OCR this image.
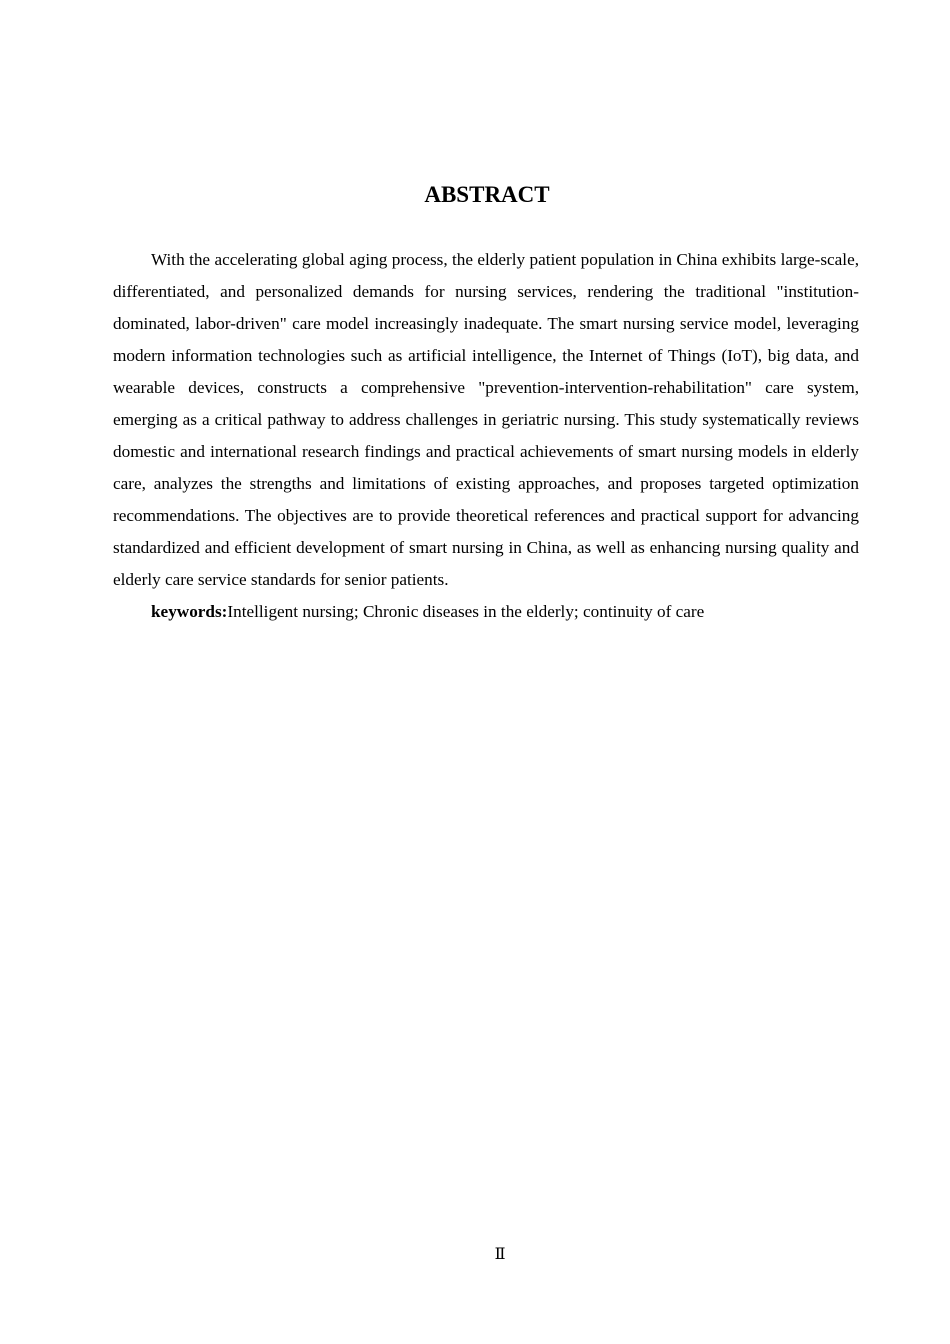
ABSTRACT

With the accelerating global aging process, the elderly patient population in China exhibits large-scale, differentiated, and personalized demands for nursing services, rendering the traditional "institution-dominated, labor-driven" care model increasingly inadequate. The smart nursing service model, leveraging modern information technologies such as artificial intelligence, the Internet of Things (IoT), big data, and wearable devices, constructs a comprehensive "prevention-intervention-rehabilitation" care system, emerging as a critical pathway to address challenges in geriatric nursing. This study systematically reviews domestic and international research findings and practical achievements of smart nursing models in elderly care, analyzes the strengths and limitations of existing approaches, and proposes targeted optimization recommendations. The objectives are to provide theoretical references and practical support for advancing standardized and efficient development of smart nursing in China, as well as enhancing nursing quality and elderly care service standards for senior patients.

keywords:Intelligent nursing; Chronic diseases in the elderly; continuity of care

Ⅱ
